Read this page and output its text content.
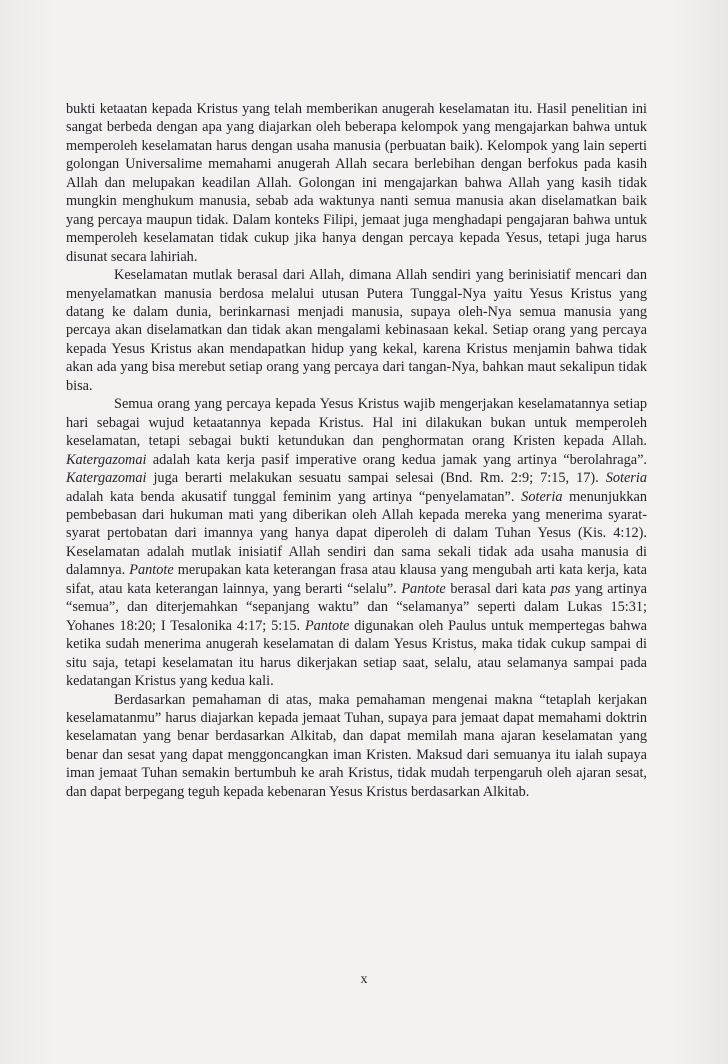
bukti ketaatan kepada Kristus yang telah memberikan anugerah keselamatan itu. Hasil penelitian ini sangat berbeda dengan apa yang diajarkan oleh beberapa kelompok yang mengajarkan bahwa untuk memperoleh keselamatan harus dengan usaha manusia (perbuatan baik). Kelompok yang lain seperti golongan Universalime memahami anugerah Allah secara berlebihan dengan berfokus pada kasih Allah dan melupakan keadilan Allah. Golongan ini mengajarkan bahwa Allah yang kasih tidak mungkin menghukum manusia, sebab ada waktunya nanti semua manusia akan diselamatkan baik yang percaya maupun tidak. Dalam konteks Filipi, jemaat juga menghadapi pengajaran bahwa untuk memperoleh keselamatan tidak cukup jika hanya dengan percaya kepada Yesus, tetapi juga harus disunat secara lahiriah.

Keselamatan mutlak berasal dari Allah, dimana Allah sendiri yang berinisiatif mencari dan menyelamatkan manusia berdosa melalui utusan Putera Tunggal-Nya yaitu Yesus Kristus yang datang ke dalam dunia, berinkarnasi menjadi manusia, supaya oleh-Nya semua manusia yang percaya akan diselamatkan dan tidak akan mengalami kebinasaan kekal. Setiap orang yang percaya kepada Yesus Kristus akan mendapatkan hidup yang kekal, karena Kristus menjamin bahwa tidak akan ada yang bisa merebut setiap orang yang percaya dari tangan-Nya, bahkan maut sekalipun tidak bisa.

Semua orang yang percaya kepada Yesus Kristus wajib mengerjakan keselamatannya setiap hari sebagai wujud ketaatannya kepada Kristus. Hal ini dilakukan bukan untuk memperoleh keselamatan, tetapi sebagai bukti ketundukan dan penghormatan orang Kristen kepada Allah. Katergazomai adalah kata kerja pasif imperative orang kedua jamak yang artinya “berolahraga”. Katergazomai juga berarti melakukan sesuatu sampai selesai (Bnd. Rm. 2:9; 7:15, 17). Soteria adalah kata benda akusatif tunggal feminim yang artinya “penyelamatan”. Soteria menunjukkan pembebasan dari hukuman mati yang diberikan oleh Allah kepada mereka yang menerima syarat-syarat pertobatan dari imannya yang hanya dapat diperoleh di dalam Tuhan Yesus (Kis. 4:12). Keselamatan adalah mutlak inisiatif Allah sendiri dan sama sekali tidak ada usaha manusia di dalamnya. Pantote merupakan kata keterangan frasa atau klausa yang mengubah arti kata kerja, kata sifat, atau kata keterangan lainnya, yang berarti “selalu”. Pantote berasal dari kata pas yang artinya “semua”, dan diterjemahkan “sepanjang waktu” dan “selamanya” seperti dalam Lukas 15:31; Yohanes 18:20; I Tesalonika 4:17; 5:15. Pantote digunakan oleh Paulus untuk mempertegas bahwa ketika sudah menerima anugerah keselamatan di dalam Yesus Kristus, maka tidak cukup sampai di situ saja, tetapi keselamatan itu harus dikerjakan setiap saat, selalu, atau selamanya sampai pada kedatangan Kristus yang kedua kali.

Berdasarkan pemahaman di atas, maka pemahaman mengenai makna “tetaplah kerjakan keselamatanmu” harus diajarkan kepada jemaat Tuhan, supaya para jemaat dapat memahami doktrin keselamatan yang benar berdasarkan Alkitab, dan dapat memilah mana ajaran keselamatan yang benar dan sesat yang dapat menggoncangkan iman Kristen. Maksud dari semuanya itu ialah supaya iman jemaat Tuhan semakin bertumbuh ke arah Kristus, tidak mudah terpengaruh oleh ajaran sesat, dan dapat berpegang teguh kepada kebenaran Yesus Kristus berdasarkan Alkitab.

x
